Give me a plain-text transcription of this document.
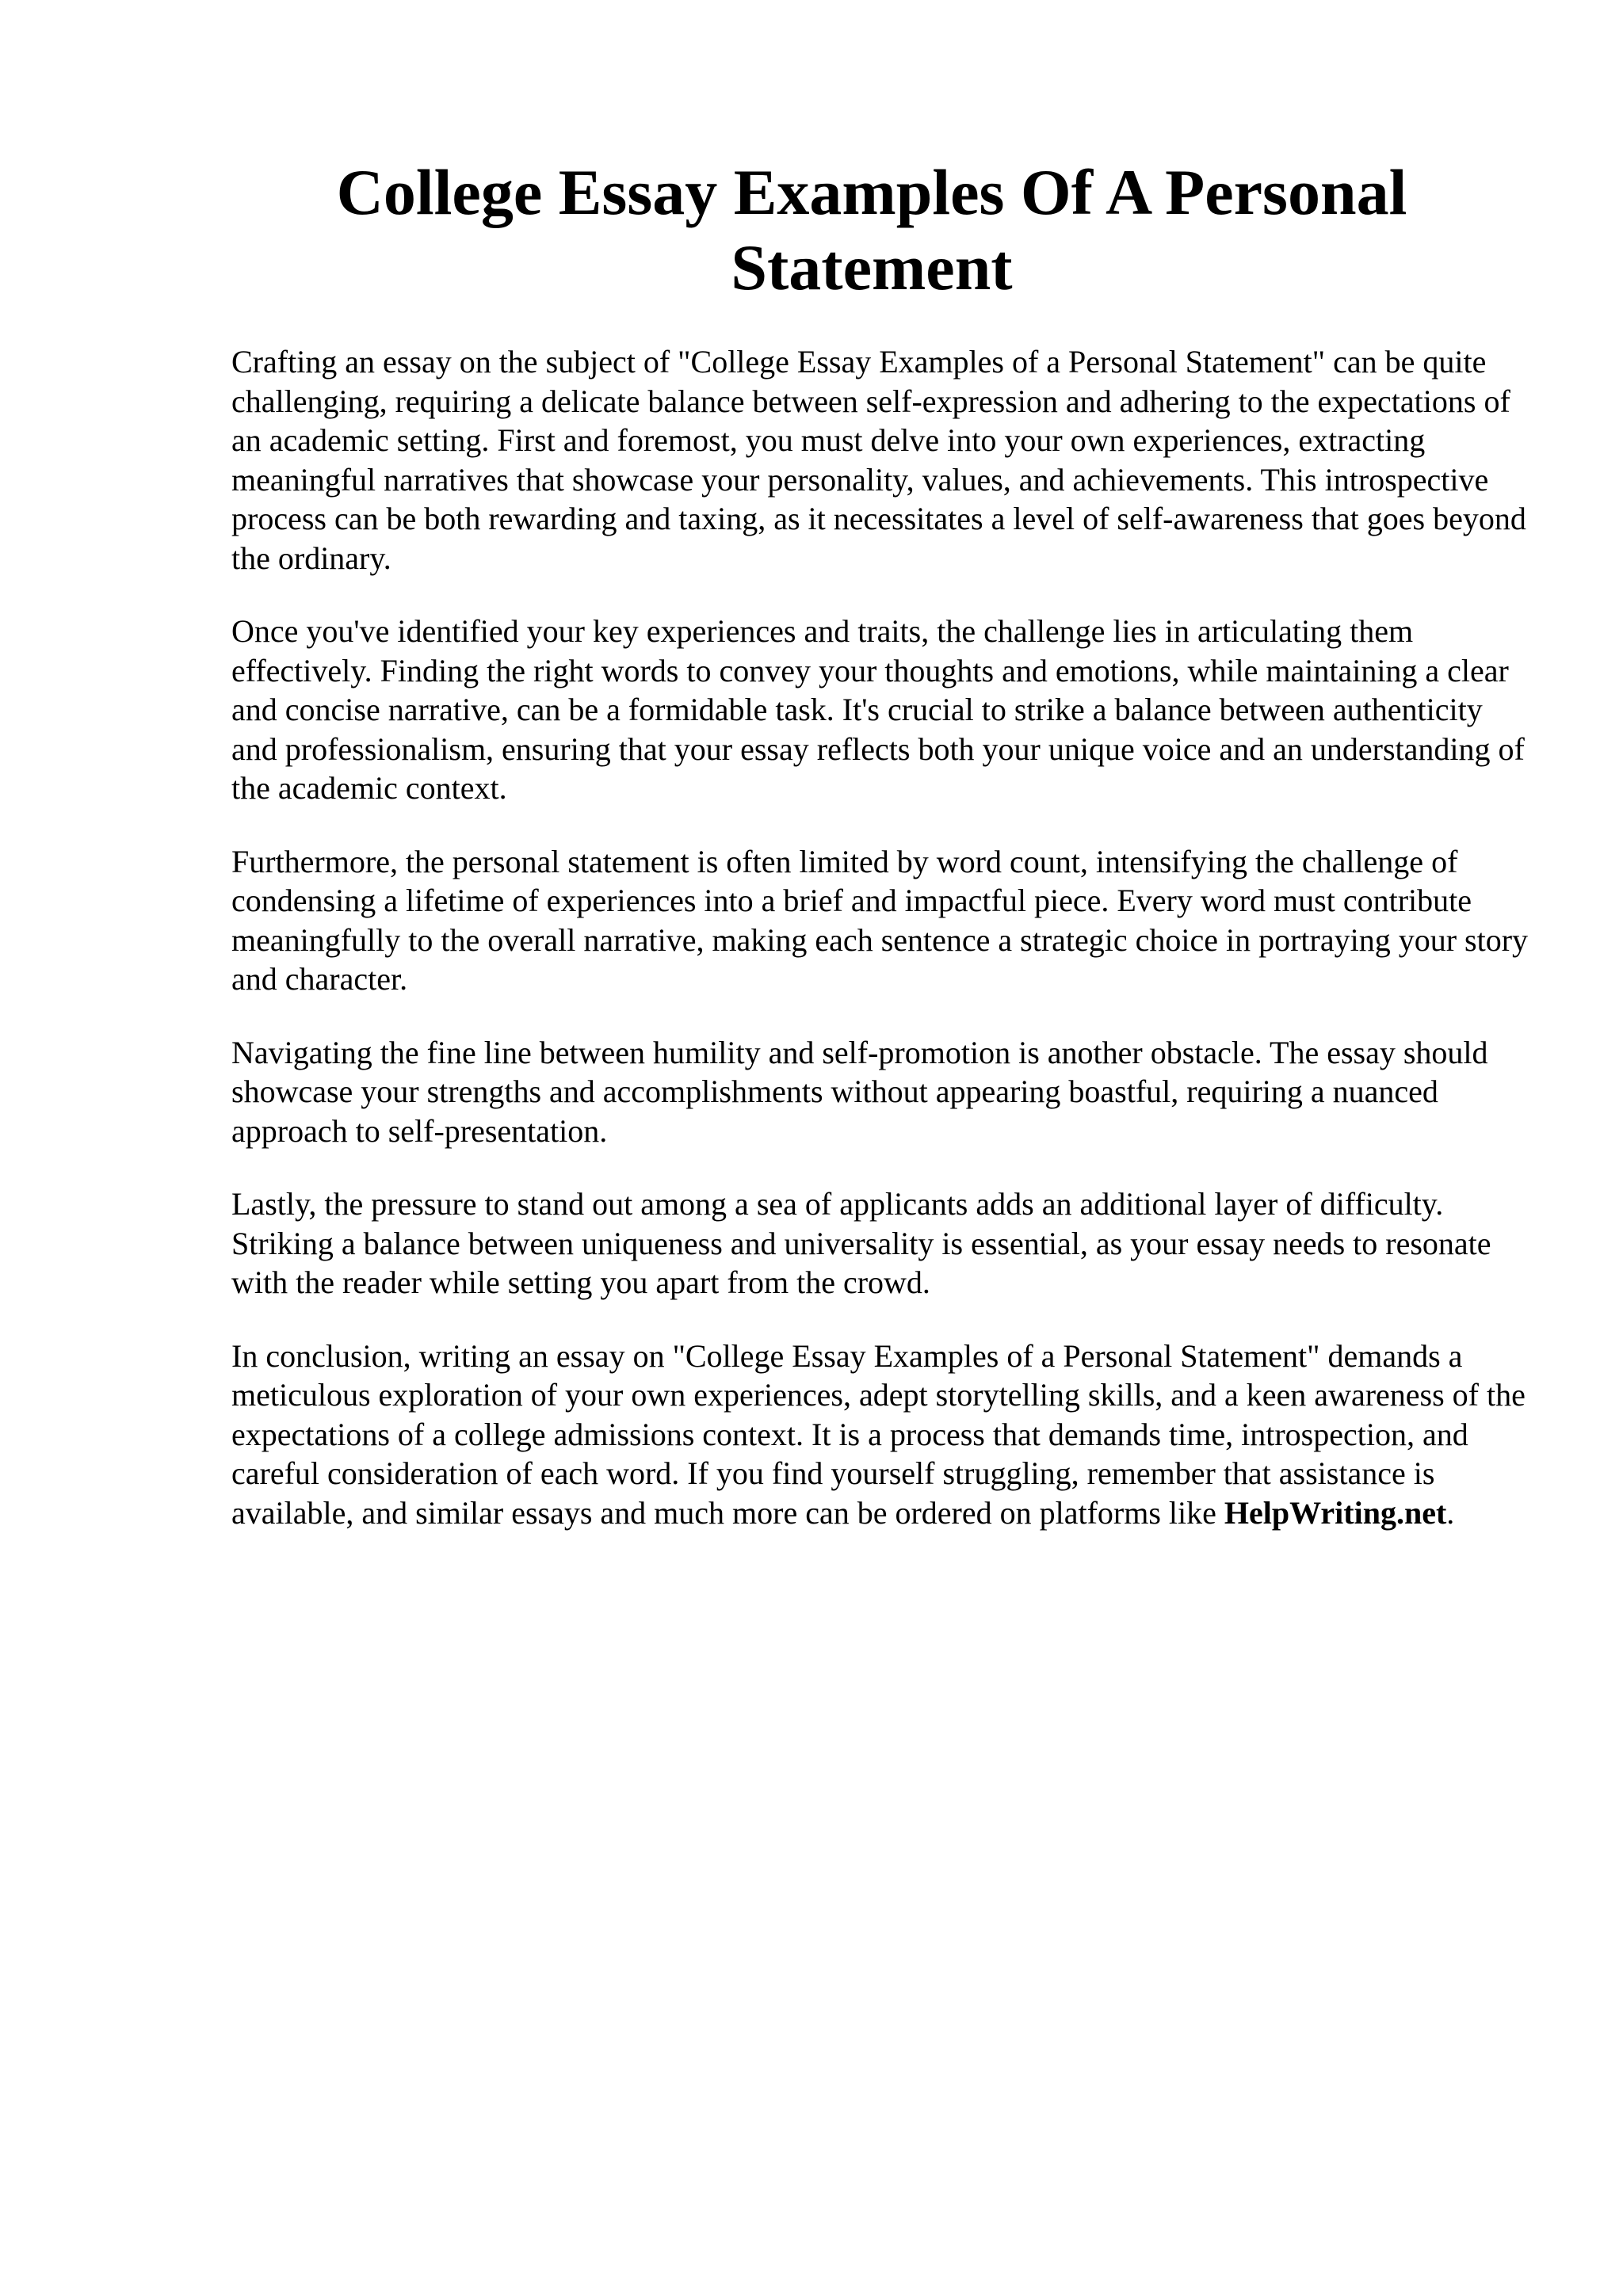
College Essay Examples Of A Personal Statement

Crafting an essay on the subject of "College Essay Examples of a Personal Statement" can be quite challenging, requiring a delicate balance between self-expression and adhering to the expectations of an academic setting. First and foremost, you must delve into your own experiences, extracting meaningful narratives that showcase your personality, values, and achievements. This introspective process can be both rewarding and taxing, as it necessitates a level of self-awareness that goes beyond the ordinary.

Once you've identified your key experiences and traits, the challenge lies in articulating them effectively. Finding the right words to convey your thoughts and emotions, while maintaining a clear and concise narrative, can be a formidable task. It's crucial to strike a balance between authenticity and professionalism, ensuring that your essay reflects both your unique voice and an understanding of the academic context.

Furthermore, the personal statement is often limited by word count, intensifying the challenge of condensing a lifetime of experiences into a brief and impactful piece. Every word must contribute meaningfully to the overall narrative, making each sentence a strategic choice in portraying your story and character.

Navigating the fine line between humility and self-promotion is another obstacle. The essay should showcase your strengths and accomplishments without appearing boastful, requiring a nuanced approach to self-presentation.

Lastly, the pressure to stand out among a sea of applicants adds an additional layer of difficulty. Striking a balance between uniqueness and universality is essential, as your essay needs to resonate with the reader while setting you apart from the crowd.

In conclusion, writing an essay on "College Essay Examples of a Personal Statement" demands a meticulous exploration of your own experiences, adept storytelling skills, and a keen awareness of the expectations of a college admissions context. It is a process that demands time, introspection, and careful consideration of each word. If you find yourself struggling, remember that assistance is available, and similar essays and much more can be ordered on platforms like HelpWriting.net.
